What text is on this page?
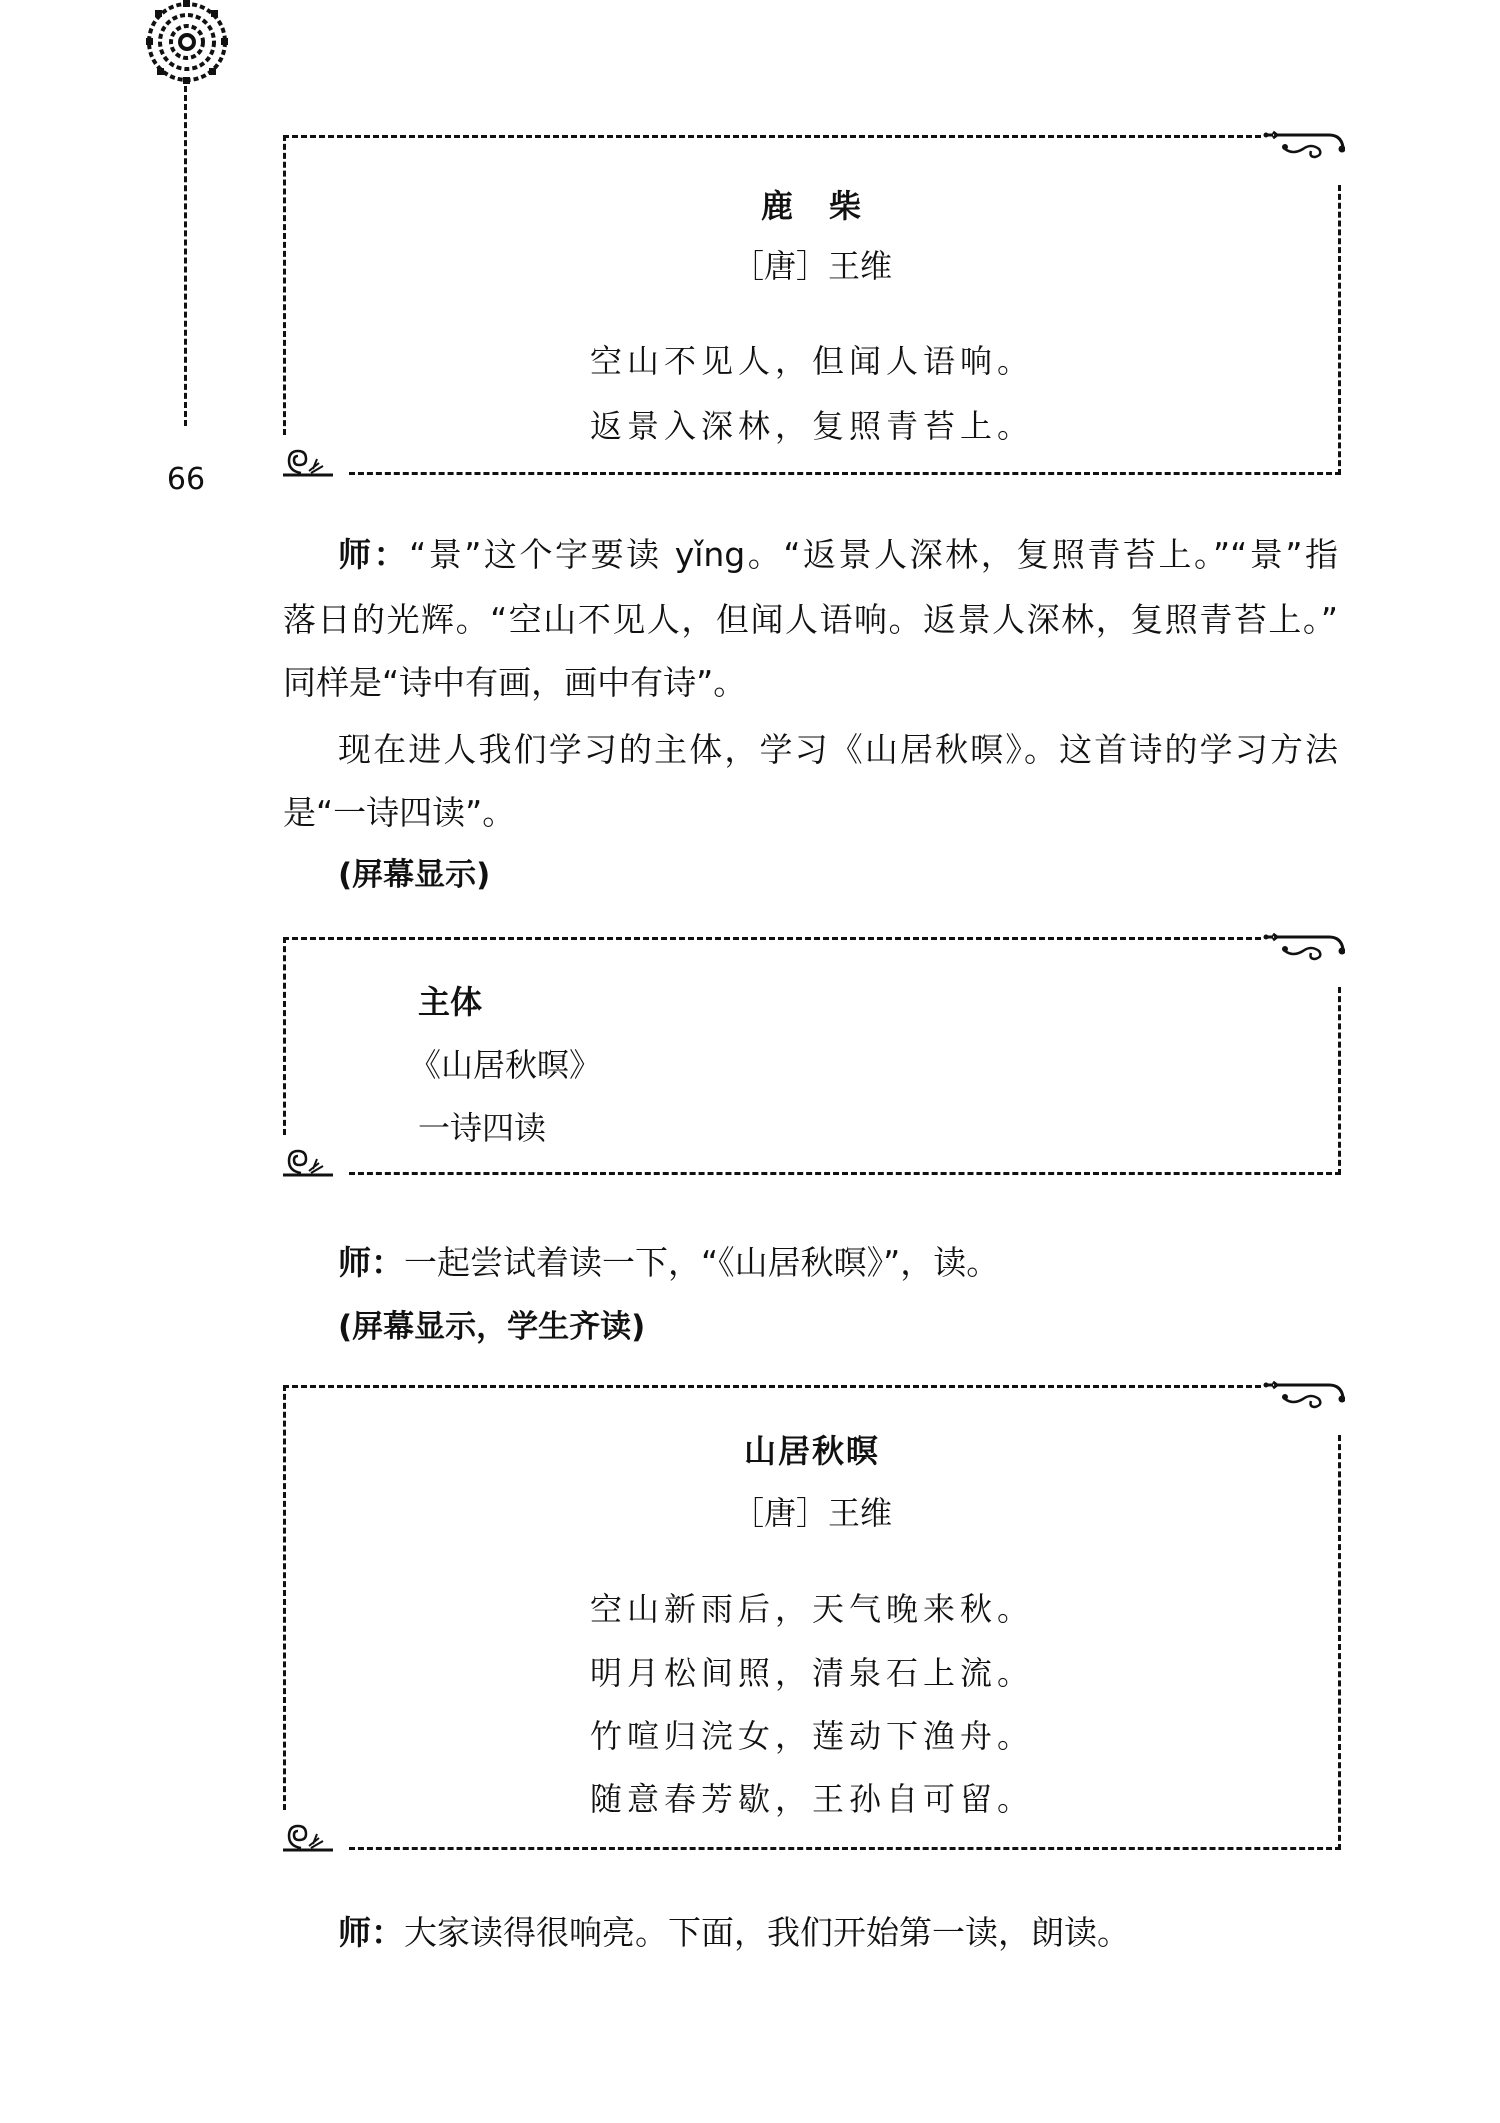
66
鹿　柴
［唐］王维
空山不见人，但闻人语响。
返景入深林，复照青苔上。
师：“景”这个字要读 yǐng。“返景人深林，复照青苔上。”“景”指
落日的光辉。“空山不见人，但闻人语响。返景人深林，复照青苔上。”
同样是“诗中有画，画中有诗”。
现在进人我们学习的主体，学习《山居秋暝》。这首诗的学习方法
是“一诗四读”。
(屏幕显示)
主体
《山居秋暝》
一诗四读
师：一起尝试着读一下，“《山居秋暝》”，读。
(屏幕显示，学生齐读)
山居秋暝
［唐］王维
空山新雨后，天气晚来秋。
明月松间照，清泉石上流。
竹喧归浣女，莲动下渔舟。
随意春芳歇，王孙自可留。
师：大家读得很响亮。下面，我们开始第一读，朗读。
